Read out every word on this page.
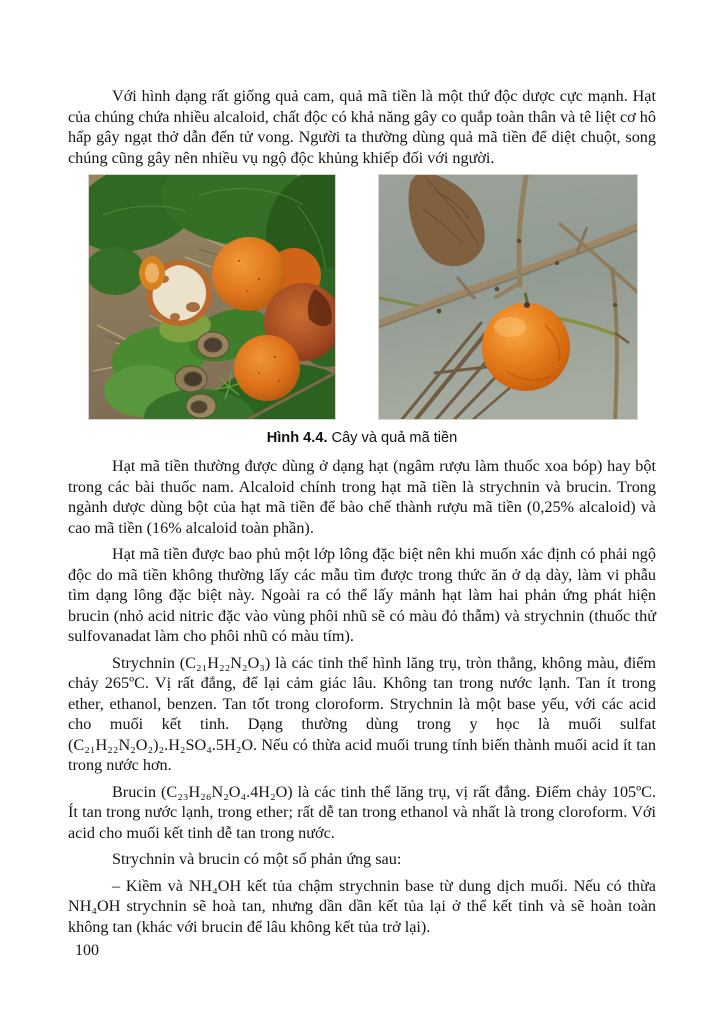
Với hình dạng rất giống quả cam, quả mã tiền là một thứ độc dược cực mạnh. Hạt của chúng chứa nhiều alcaloid, chất độc có khả năng gây co quắp toàn thân và tê liệt cơ hô hấp gây ngạt thở dẫn đến tử vong. Người ta thường dùng quả mã tiền để diệt chuột, song chúng cũng gây nên nhiều vụ ngộ độc khủng khiếp đối với người.

Hình 4.4. Cây và quả mã tiền

Hạt mã tiền thường được dùng ở dạng hạt (ngâm rượu làm thuốc xoa bóp) hay bột trong các bài thuốc nam. Alcaloid chính trong hạt mã tiền là strychnin và brucin. Trong ngành dược dùng bột của hạt mã tiền để bào chế thành rượu mã tiền (0,25% alcaloid) và cao mã tiền (16% alcaloid toàn phần).

Hạt mã tiền được bao phủ một lớp lông đặc biệt nên khi muốn xác định có phải ngộ độc do mã tiền không thường lấy các mẫu tìm được trong thức ăn ở dạ dày, làm vi phẫu tìm dạng lông đặc biệt này. Ngoài ra có thể lấy mảnh hạt làm hai phản ứng phát hiện brucin (nhỏ acid nitric đặc vào vùng phôi nhũ sẽ có màu đỏ thẫm) và strychnin (thuốc thử sulfovanadat làm cho phôi nhũ có màu tím).

Strychnin (C₂₁H₂₂N₂O₃) là các tinh thể hình lăng trụ, tròn thẳng, không màu, điểm chảy 265ºC. Vị rất đắng, để lại cảm giác lâu. Không tan trong nước lạnh. Tan ít trong ether, ethanol, benzen. Tan tốt trong cloroform. Strychnin là một base yếu, với các acid cho muối kết tinh. Dạng thường dùng trong y học là muối sulfat (C₂₁H₂₂N₂O₂)₂.H₂SO₄.5H₂O. Nếu có thừa acid muối trung tính biến thành muối acid ít tan trong nước hơn.

Brucin (C₂₃H₂₆N₂O₄.4H₂O) là các tinh thể lăng trụ, vị rất đắng. Điểm chảy 105ºC. Ít tan trong nước lạnh, trong ether; rất dễ tan trong ethanol và nhất là trong cloroform. Với acid cho muối kết tinh dễ tan trong nước.

Strychnin và brucin có một số phản ứng sau:

– Kiềm và NH₄OH kết tủa chậm strychnin base từ dung dịch muối. Nếu có thừa NH₄OH strychnin sẽ hoà tan, nhưng dần dần kết tủa lại ở thể kết tinh và sẽ hoàn toàn không tan (khác với brucin để lâu không kết tủa trở lại).

100
